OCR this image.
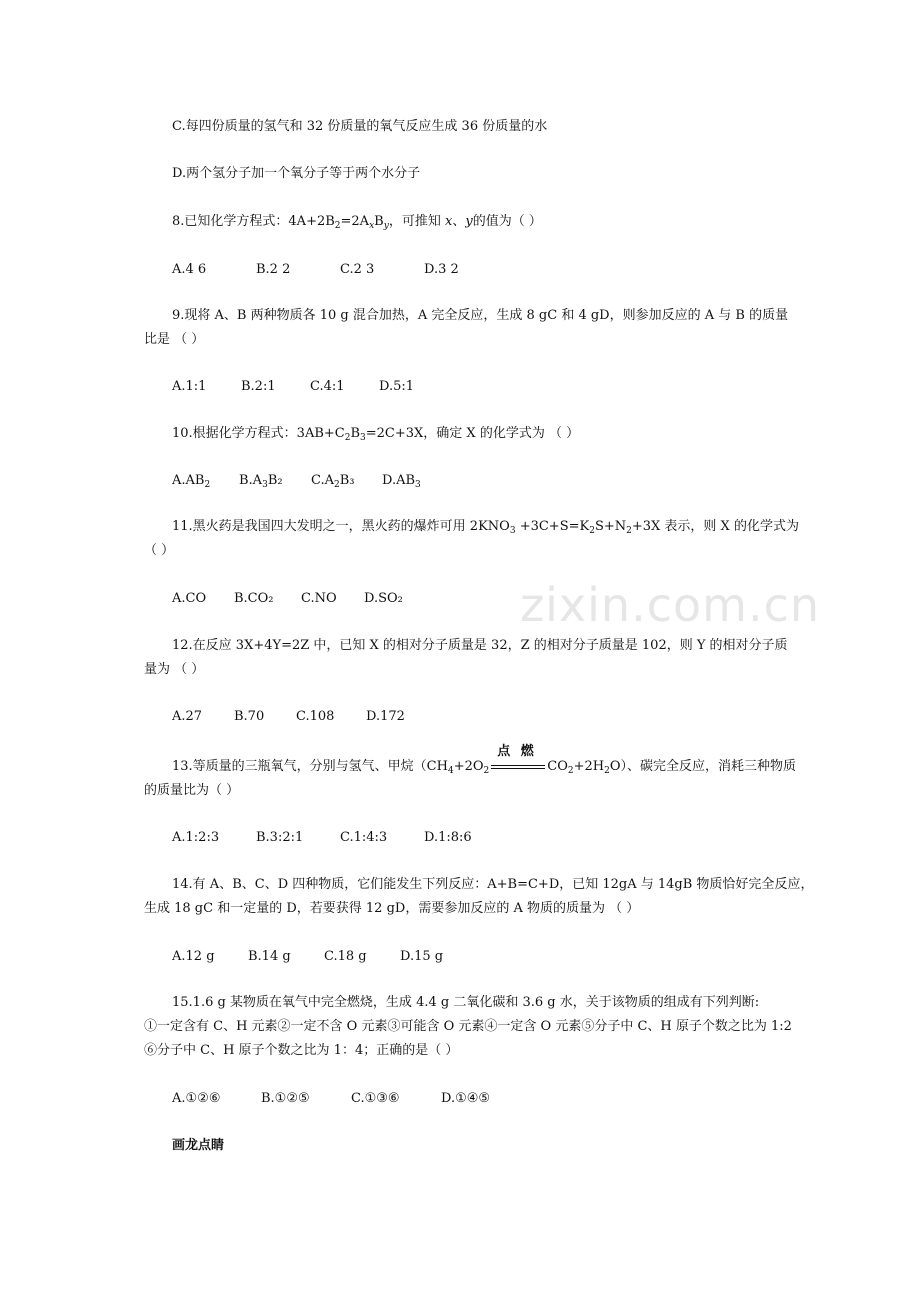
zixin.com.cn
C.每四份质量的氢气和 32 份质量的氧气反应生成 36 份质量的水
D.两个氢分子加一个氧分子等于两个水分子
8.已知化学方程式：$4A+2B_2=2A_xB_y$，可推知 x、y的值为（ ）
A.4 6	B.2 2	C.2 3	D.3 2
9.现将 A、B 两种物质各 10 g 混合加热，A 完全反应，生成 8 gC 和 4 gD，则参加反应的 A 与 B 的质量
比是 （ ）
A.1:1	B.2:1	C.4:1	D.5:1
10.根据化学方程式：$3AB+C_2B_3=2C+3X$，确定 X 的化学式为 （ ）
$A.AB_2$ $B.A_3B_2$ $C.A_2B_3$ $D.AB_3$
11.黑火药是我国四大发明之一，黑火药的爆炸可用 $2KNO_3 +3C+S=K_2S+N_2+3X$ 表示，则 X 的化学式为
（ ）
A.CO B.CO₂ C.NO D.SO₂
12.在反应 3X+4Y=2Z 中，已知 X 的相对分子质量是 32，Z 的相对分子质量是 102，则 Y 的相对分子质
量为 （ ）
A.27 B.70 C.108 D.172
13.等质量的三瓶氧气，分别与氢气、甲烷（$CH_4+2O_2$
点 燃
$CO_2+2H_2O$）、碳完全反应，消耗三种物质
的质量比为（ ）
A.1:2:3	B.3:2:1	C.1:4:3	D.1:8:6
14.有 A、B、C、D 四种物质，它们能发生下列反应：A+B=C+D，已知 12gA 与 14gB 物质恰好完全反应，
生成 18 gC 和一定量的 D，若要获得 12 gD，需要参加反应的 A 物质的质量为 （ ）
A.12 g	B.14 g	C.18 g	D.15 g
15.1.6 g 某物质在氧气中完全燃烧，生成 4.4 g 二氧化碳和 3.6 g 水，关于该物质的组成有下列判断:
①一定含有 C、H 元素②一定不含 O 元素③可能含 O 元素④一定含 O 元素⑤分子中 C、H 原子个数之比为 1:2
⑥分子中 C、H 原子个数之比为 1：4；正确的是（ ）
A.①②⑥	B.①②⑤	C.①③⑥	D.①④⑤
画龙点睛
